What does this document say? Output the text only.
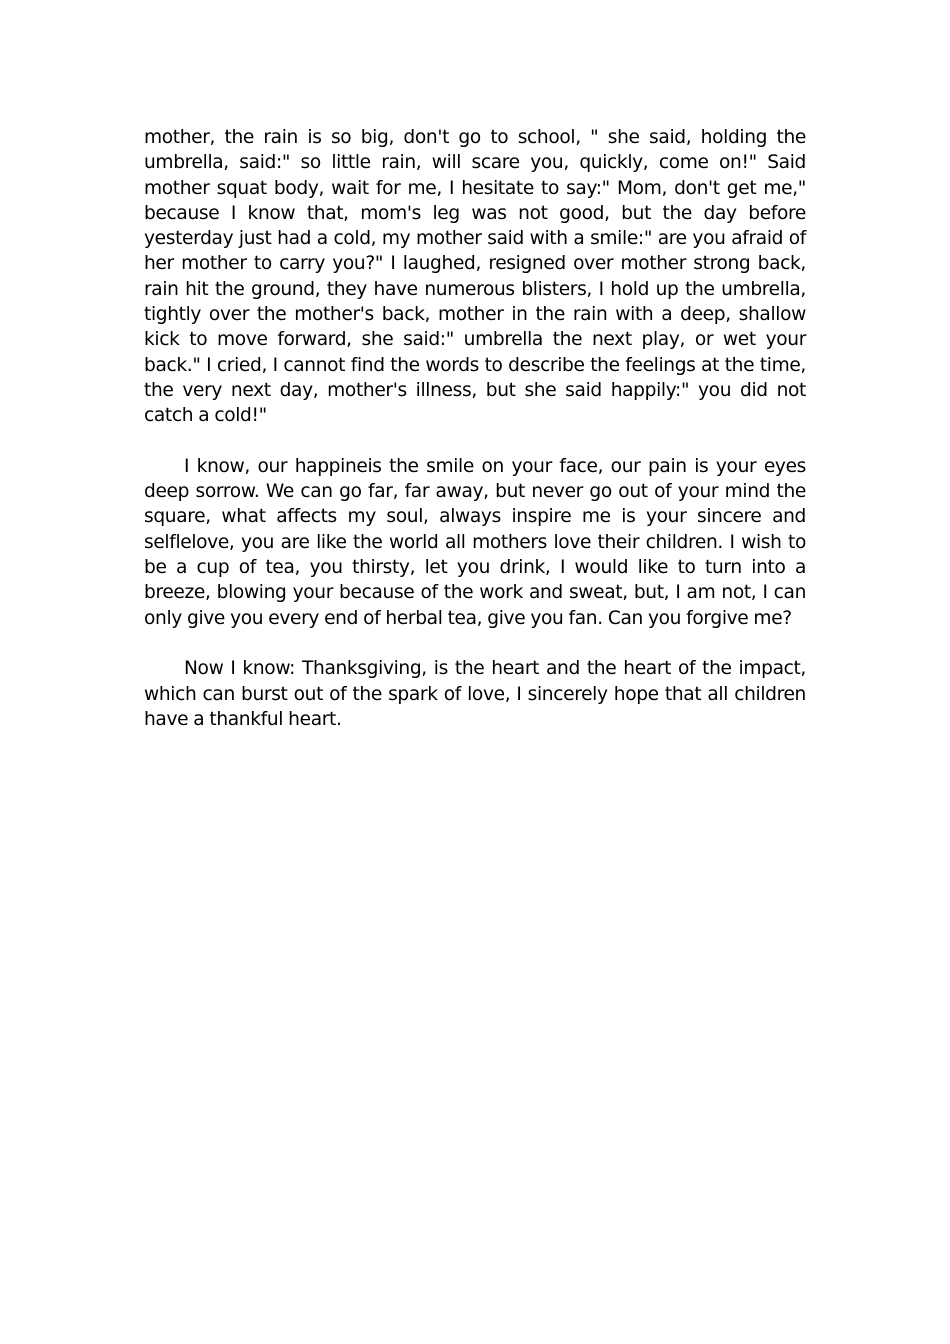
mother, the rain is so big, don't go to school, " she said, holding the umbrella, said:" so little rain, will scare you, quickly, come on!" Said mother squat body, wait for me, I hesitate to say:" Mom, don't get me," because I know that, mom's leg was not good, but the day before yesterday just had a cold, my mother said with a smile:" are you afraid of her mother to carry you?" I laughed, resigned over mother strong back, rain hit the ground, they have numerous blisters, I hold up the umbrella, tightly over the mother's back, mother in the rain with a deep, shallow kick to move forward, she said:" umbrella the next play, or wet your back." I cried, I cannot find the words to describe the feelings at the time, the very next day, mother's illness, but she said happily:" you did not catch a cold!"

I know, our happineis the smile on your face, our pain is your eyes deep sorrow. We can go far, far away, but never go out of your mind the square, what affects my soul, always inspire me is your sincere and selflelove, you are like the world all mothers love their children. I wish to be a cup of tea, you thirsty, let you drink, I would like to turn into a breeze, blowing your because of the work and sweat, but, I am not, I can only give you every end of herbal tea, give you fan. Can you forgive me?

Now I know: Thanksgiving, is the heart and the heart of the impact, which can burst out of the spark of love, I sincerely hope that all children have a thankful heart.
